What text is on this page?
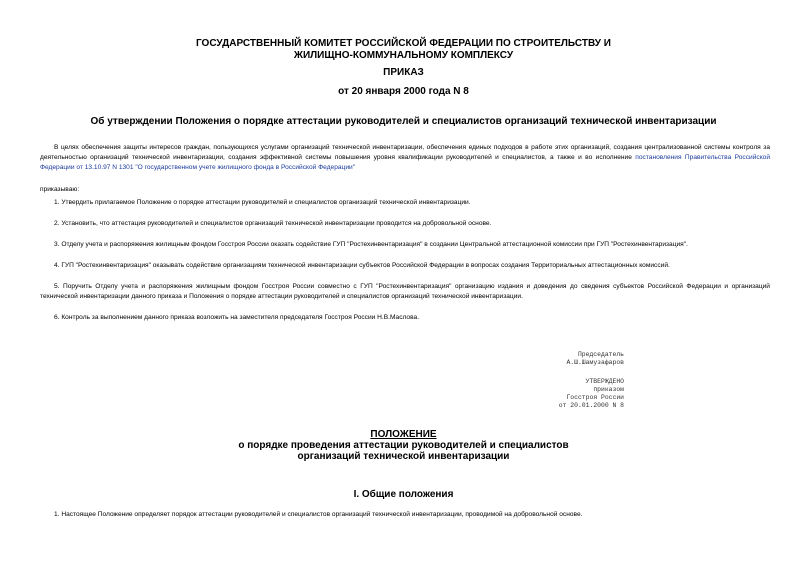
ГОСУДАРСТВЕННЫЙ КОМИТЕТ РОССИЙСКОЙ ФЕДЕРАЦИИ ПО СТРОИТЕЛЬСТВУ И
ЖИЛИЩНО-КОММУНАЛЬНОМУ КОМПЛЕКСУ
ПРИКАЗ
от 20 января 2000 года N 8
Об утверждении Положения о порядке аттестации руководителей и специалистов организаций технической инвентаризации
В целях обеспечения защиты интересов граждан, пользующихся услугами организаций технической инвентаризации, обеспечения единых подходов в работе этих организаций, создания централизованной системы контроля за деятельностью организаций технической инвентаризации, создания эффективной системы повышения уровня квалификации руководителей и специалистов, а также и во исполнение постановления Правительства Российской Федерации от 13.10.97 N 1301 "О государственном учете жилищного фонда в Российской Федерации"
приказываю:
1. Утвердить прилагаемое Положение о порядке аттестации руководителей и специалистов организаций технической инвентаризации.
2. Установить, что аттестация руководителей и специалистов организаций технической инвентаризации проводится на добровольной основе.
3. Отделу учета и распоряжения жилищным фондом Госстроя России оказать содействие ГУП "Ростехинвентаризация" в создании Центральной аттестационной комиссии при ГУП "Ростехинвентаризация".
4. ГУП "Ростехинвентаризация" оказывать содействие организациям технической инвентаризации субъектов Российской Федерации в вопросах создания Территориальных аттестационных комиссий.
5. Поручить Отделу учета и распоряжения жилищным фондом Госстроя России совместно с ГУП "Ростехинвентаризация" организацию издания и доведения до сведения субъектов Российской Федерации и организаций технической инвентаризации данного приказа и Положения о порядке аттестации руководителей и специалистов организаций технической инвентаризации.
6. Контроль за выполнением данного приказа возложить на заместителя председателя Госстроя России Н.В.Маслова.
Председатель
А.Ш.Шамузафаров
УТВЕРЖДЕНО
приказом
Госстроя России
от 20.01.2000 N 8
ПОЛОЖЕНИЕ
о порядке проведения аттестации руководителей и специалистов
организаций технической инвентаризации
I. Общие положения
1. Настоящее Положение определяет порядок аттестации руководителей и специалистов организаций технической инвентаризации, проводимой на добровольной основе.
